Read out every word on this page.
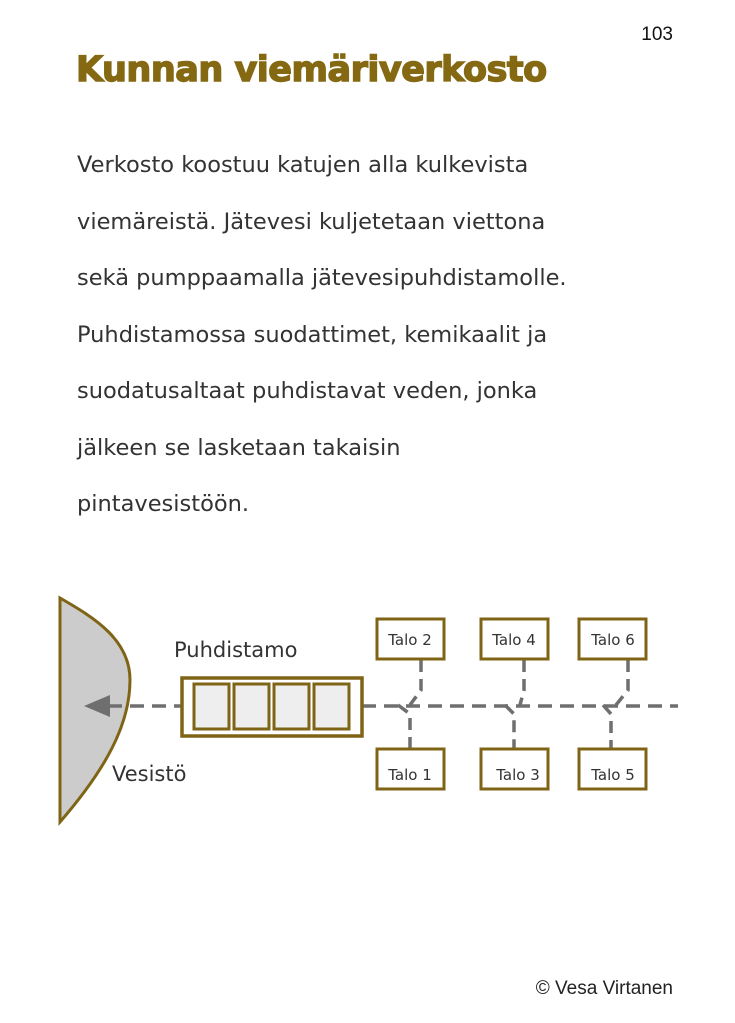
103
Kunnan viemäriverkosto

Verkosto koostuu katujen alla kulkevista
viemäreistä. Jätevesi kuljetetaan viettona
sekä pumppaamalla jätevesipuhdistamolle.
Puhdistamossa suodattimet, kemikaalit ja
suodatusaltaat puhdistavat veden, jonka
jälkeen se lasketaan takaisin
pintavesistöön.

Puhdistamo
Vesistö
Talo 2	Talo 4	Talo 6
Talo 1	Talo 3	Talo 5
© Vesa Virtanen
